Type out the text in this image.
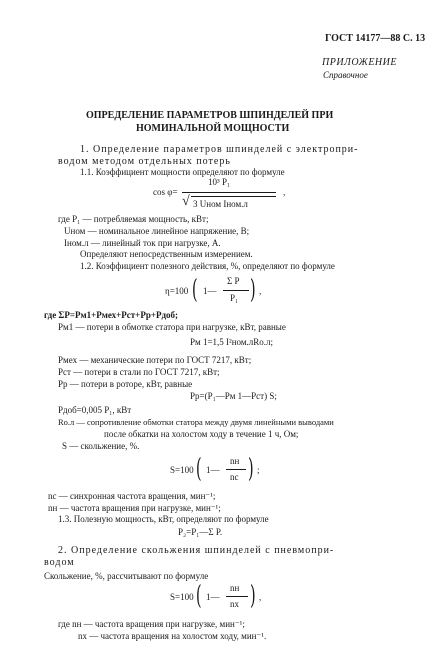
ГОСТ 14177—88 С. 13
ПРИЛОЖЕНИЕ
Справочное
ОПРЕДЕЛЕНИЕ ПАРАМЕТРОВ ШПИНДЕЛЕЙ ПРИ
НОМИНАЛЬНОЙ МОЩНОСТИ
1. Определение параметров шпинделей с электропри-
водом методом отдельных потерь
1.1. Коэффициент мощности определяют по формуле
cos φ=
10³ P₁
√ 3 Uном Iном.л
,
где P₁ — потребляемая мощность, кВт;
Uном — номинальное линейное напряжение, В;
Iном.л — линейный ток при нагрузке, А.
Определяют непосредственным измерением.
1.2. Коэффициент полезного действия, %, определяют по формуле
η=100 ( 1—
Σ P
P₁ ) ,
где ΣP=Pм1+Pмех+Pст+Pр+Pдоб;
Pм1 — потери в обмотке статора при нагрузке, кВт, равные
Pм 1=1,5 I²ном.лRо.л;
Pмех — механические потери по ГОСТ 7217, кВт;
Pст — потери в стали по ГОСТ 7217, кВт;
Pр — потери в роторе, кВт, равные
Pр=(P₁—Pм 1—Pст) S;
Pдоб=0,005 P₁, кВт
Rо.л — сопротивление обмотки статора между двумя линейными выводами
после обкатки на холостом ходу в течение 1 ч, Ом;
S — скольжение, %.
S=100 ( 1—
nн
nс ) ;
nс — синхронная частота вращения, мин⁻¹;
nн — частота вращения при нагрузке, мин⁻¹;
1.3. Полезную мощность, кВт, определяют по формуле
P₂=P₁—Σ P.
2. Определение скольжения шпинделей с пневмопри-
водом
Скольжение, %, рассчитывают по формуле
S=100 ( 1—
nн
nх ) ,
где nн — частота вращения при нагрузке, мин⁻¹;
nх — частота вращения на холостом ходу, мин⁻¹.
